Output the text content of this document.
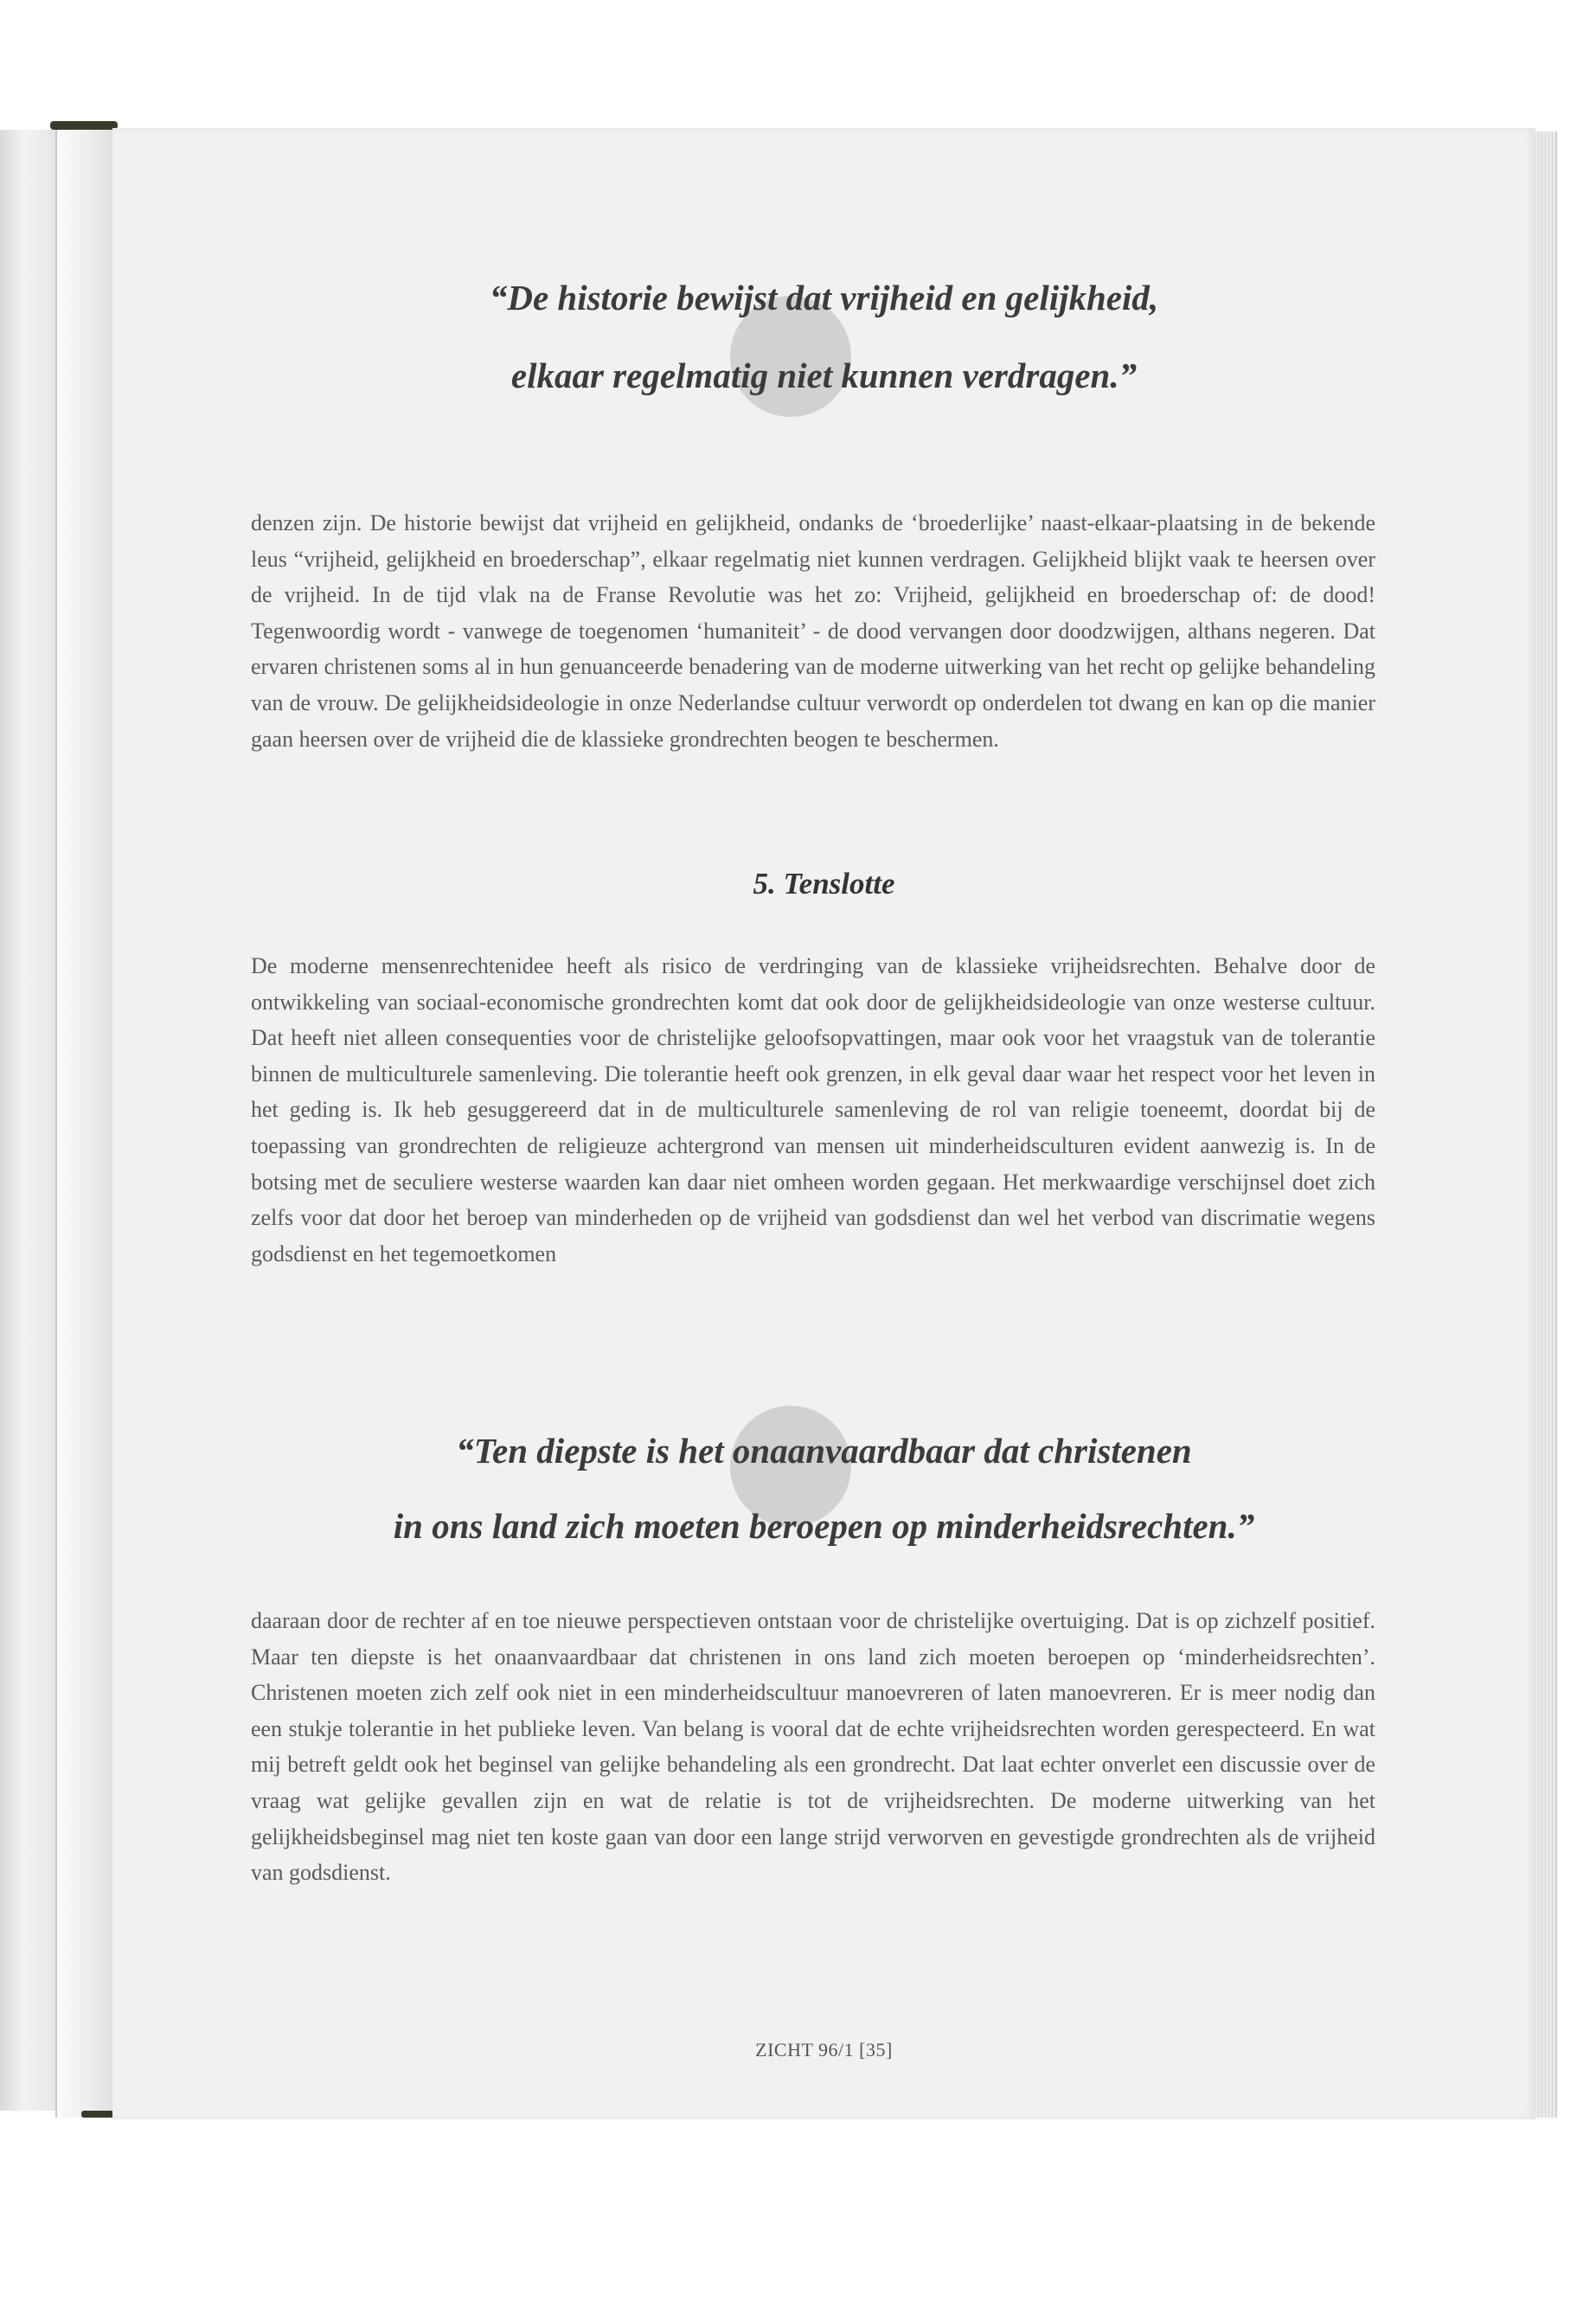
“De historie bewijst dat vrijheid en gelijkheid,
elkaar regelmatig niet kunnen verdragen.”
denzen zijn. De historie bewijst dat vrijheid en gelijkheid, ondanks de ‘broederlijke’ naast-elkaar-plaatsing in de bekende leus “vrijheid, gelijkheid en broederschap”, elkaar regelmatig niet kunnen verdragen. Gelijkheid blijkt vaak te heersen over de vrijheid. In de tijd vlak na de Franse Revolutie was het zo: Vrijheid, gelijkheid en broederschap of: de dood! Tegenwoordig wordt - vanwege de toegenomen ‘humaniteit’ - de dood vervangen door doodzwijgen, althans negeren. Dat ervaren christenen soms al in hun genuanceerde benadering van de moderne uitwerking van het recht op gelijke behandeling van de vrouw. De gelijkheidsideologie in onze Nederlandse cultuur verwordt op onderdelen tot dwang en kan op die manier gaan heersen over de vrijheid die de klassieke grondrechten beogen te beschermen.
5. Tenslotte
De moderne mensenrechtenidee heeft als risico de verdringing van de klassieke vrijheidsrechten. Behalve door de ontwikkeling van sociaal-economische grondrechten komt dat ook door de gelijkheidsideologie van onze westerse cultuur. Dat heeft niet alleen consequenties voor de christelijke geloofsopvattingen, maar ook voor het vraagstuk van de tolerantie binnen de multiculturele samenleving. Die tolerantie heeft ook grenzen, in elk geval daar waar het respect voor het leven in het geding is. Ik heb gesuggereerd dat in de multiculturele samenleving de rol van religie toeneemt, doordat bij de toepassing van grondrechten de religieuze achtergrond van mensen uit minderheidsculturen evident aanwezig is. In de botsing met de seculiere westerse waarden kan daar niet omheen worden gegaan. Het merkwaardige verschijnsel doet zich zelfs voor dat door het beroep van minderheden op de vrijheid van godsdienst dan wel het verbod van discrimatie wegens godsdienst en het tegemoetkomen
“Ten diepste is het onaanvaardbaar dat christenen
in ons land zich moeten beroepen op minderheidsrechten.”
daaraan door de rechter af en toe nieuwe perspectieven ontstaan voor de christelijke overtuiging. Dat is op zichzelf positief. Maar ten diepste is het onaanvaardbaar dat christenen in ons land zich moeten beroepen op ‘minderheidsrechten’. Christenen moeten zich zelf ook niet in een minderheidscultuur manoevreren of laten manoevreren. Er is meer nodig dan een stukje tolerantie in het publieke leven. Van belang is vooral dat de echte vrijheidsrechten worden gerespecteerd. En wat mij betreft geldt ook het beginsel van gelijke behandeling als een grondrecht. Dat laat echter onverlet een discussie over de vraag wat gelijke gevallen zijn en wat de relatie is tot de vrijheidsrechten. De moderne uitwerking van het gelijkheidsbeginsel mag niet ten koste gaan van door een lange strijd verworven en gevestigde grondrechten als de vrijheid van godsdienst.
ZICHT 96/1 [35]
